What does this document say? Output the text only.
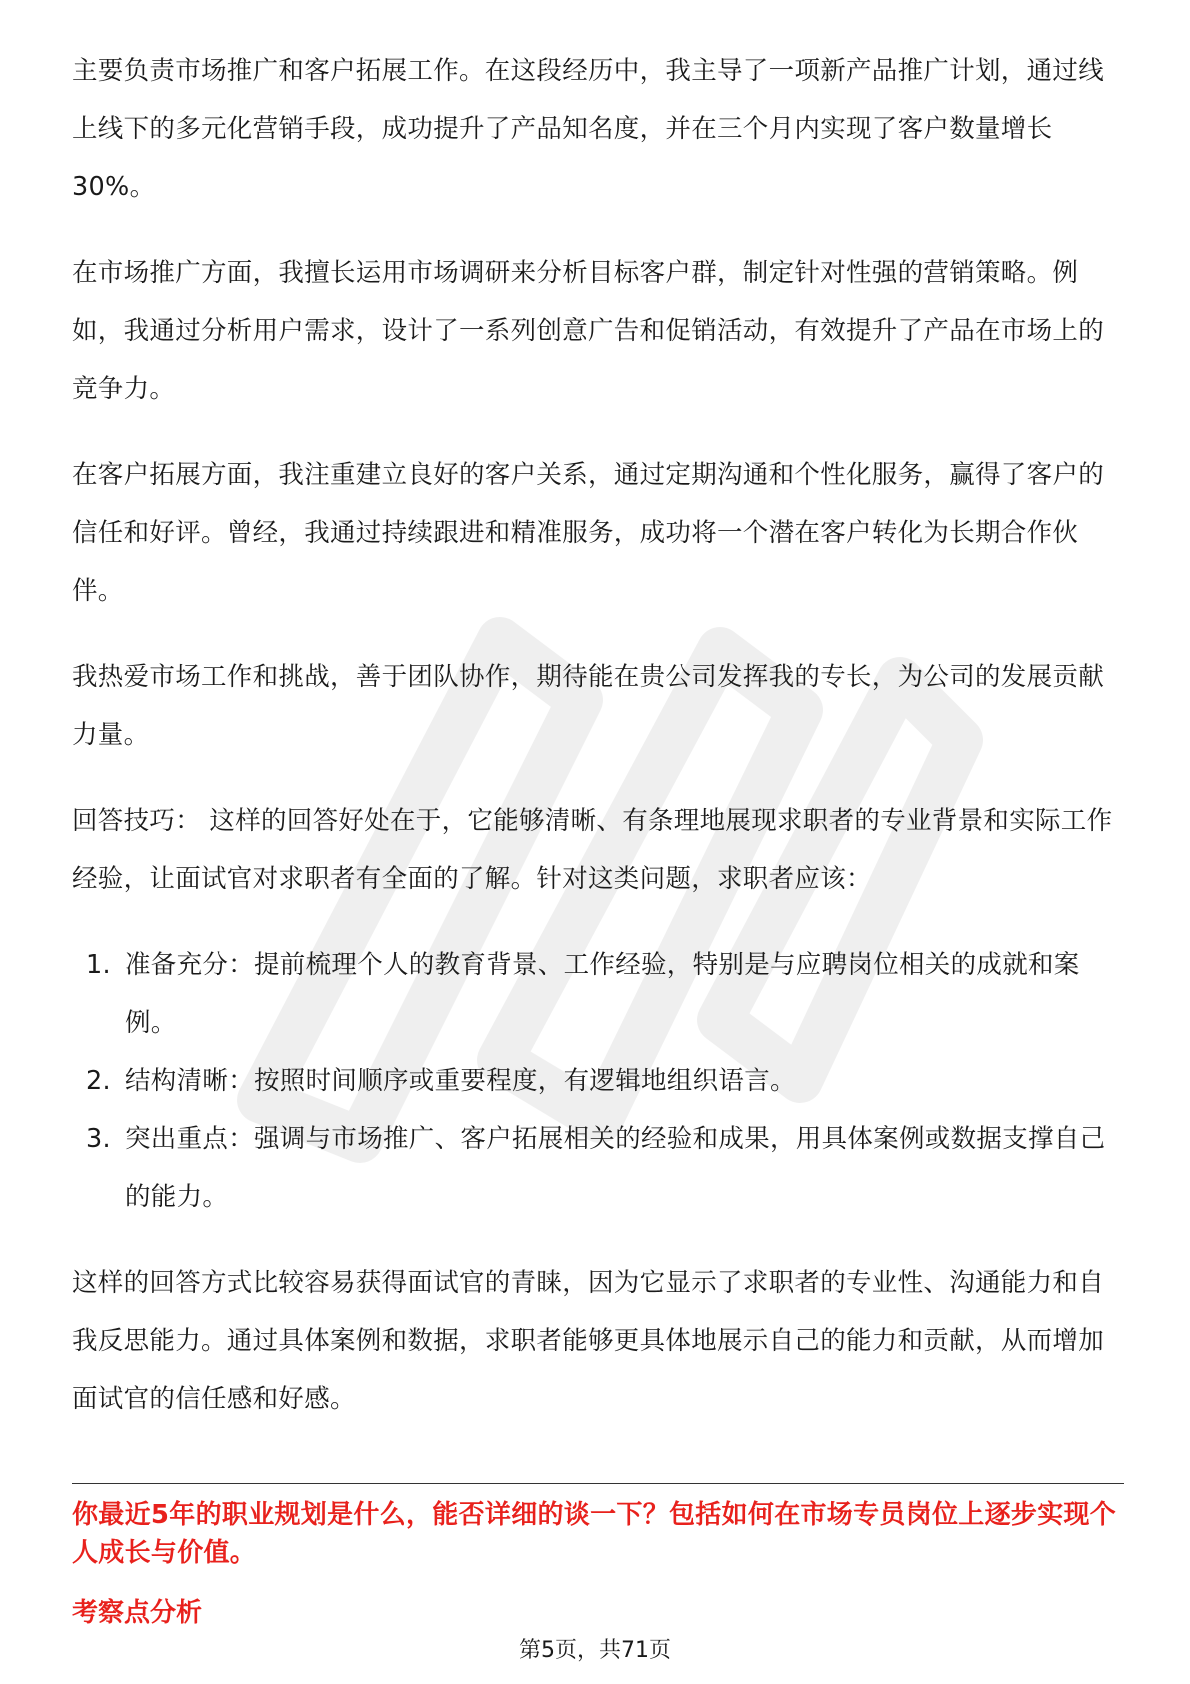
主要负责市场推广和客户拓展工作。在这段经历中，我主导了一项新产品推广计划，通过线上线下的多元化营销手段，成功提升了产品知名度，并在三个月内实现了客户数量增长30%。

在市场推广方面，我擅长运用市场调研来分析目标客户群，制定针对性强的营销策略。例如，我通过分析用户需求，设计了一系列创意广告和促销活动，有效提升了产品在市场上的竞争力。

在客户拓展方面，我注重建立良好的客户关系，通过定期沟通和个性化服务，赢得了客户的信任和好评。曾经，我通过持续跟进和精准服务，成功将一个潜在客户转化为长期合作伙伴。

我热爱市场工作和挑战，善于团队协作，期待能在贵公司发挥我的专长，为公司的发展贡献力量。

回答技巧： 这样的回答好处在于，它能够清晰、有条理地展现求职者的专业背景和实际工作经验，让面试官对求职者有全面的了解。针对这类问题，求职者应该：

1. 准备充分：提前梳理个人的教育背景、工作经验，特别是与应聘岗位相关的成就和案例。
2. 结构清晰：按照时间顺序或重要程度，有逻辑地组织语言。
3. 突出重点：强调与市场推广、客户拓展相关的经验和成果，用具体案例或数据支撑自己的能力。

这样的回答方式比较容易获得面试官的青睐，因为它显示了求职者的专业性、沟通能力和自我反思能力。通过具体案例和数据，求职者能够更具体地展示自己的能力和贡献，从而增加面试官的信任感和好感。

你最近5年的职业规划是什么，能否详细的谈一下？包括如何在市场专员岗位上逐步实现个人成长与价值。

考察点分析

第5页，共71页
